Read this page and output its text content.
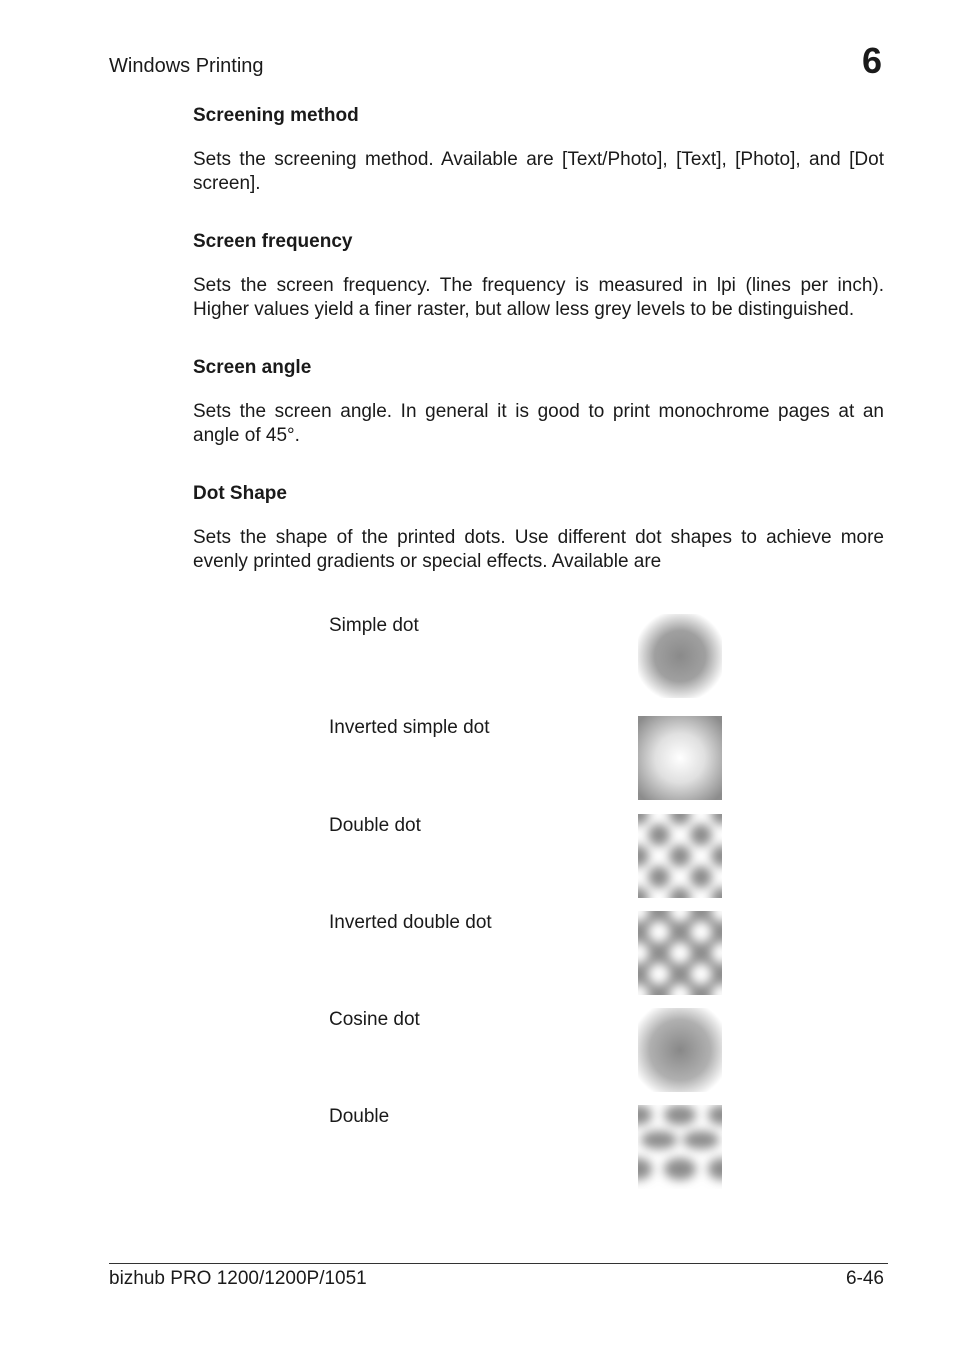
Windows Printing	6
Screening method

Sets the screening method. Available are [Text/Photo], [Text], [Photo], and [Dot screen].

Screen frequency

Sets the screen frequency. The frequency is measured in lpi (lines per inch). Higher values yield a finer raster, but allow less grey levels to be distinguished.

Screen angle

Sets the screen angle. In general it is good to print monochrome pages at an angle of 45°.

Dot Shape

Sets the shape of the printed dots. Use different dot shapes to achieve more evenly printed gradients or special effects. Available are

Simple dot
Inverted simple dot
Double dot
Inverted double dot
Cosine dot
Double
bizhub PRO 1200/1200P/1051	6-46
